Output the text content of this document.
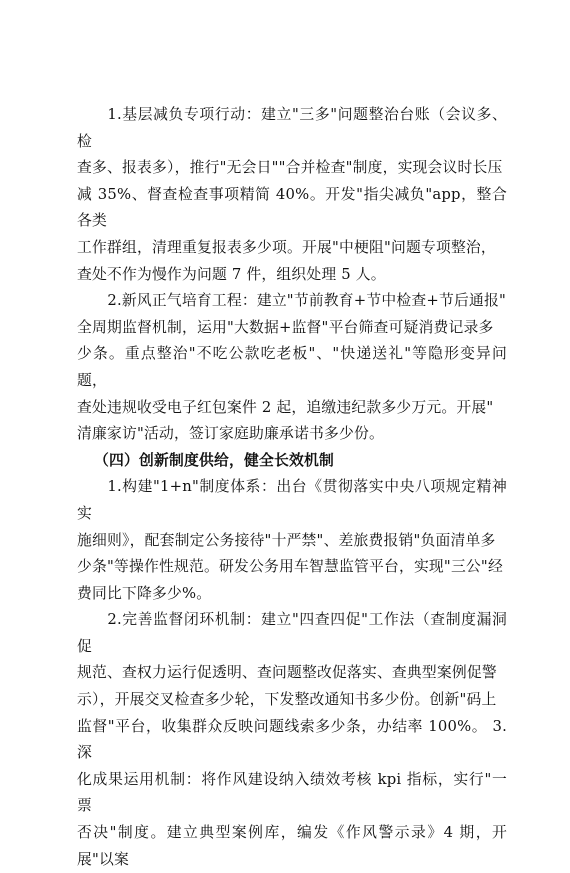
1.基层减负专项行动：建立"三多"问题整治台账（会议多、检
查多、报表多），推行"无会日""合并检查"制度，实现会议时长压
减 35%、督查检查事项精简 40%。开发"指尖减负"app，整合各类
工作群组，清理重复报表多少项。开展"中梗阻"问题专项整治，
查处不作为慢作为问题 7 件，组织处理 5 人。

2.新风正气培育工程：建立"节前教育+节中检查+节后通报"
全周期监督机制，运用"大数据+监督"平台筛查可疑消费记录多
少条。重点整治"不吃公款吃老板"、"快递送礼"等隐形变异问题，
查处违规收受电子红包案件 2 起，追缴违纪款多少万元。开展"
清廉家访"活动，签订家庭助廉承诺书多少份。

（四）创新制度供给，健全长效机制

1.构建"1+n"制度体系：出台《贯彻落实中央八项规定精神实
施细则》，配套制定公务接待"十严禁"、差旅费报销"负面清单多
少条"等操作性规范。研发公务用车智慧监管平台，实现"三公"经
费同比下降多少%。

2.完善监督闭环机制：建立"四查四促"工作法（查制度漏洞促
规范、查权力运行促透明、查问题整改促落实、查典型案例促警
示），开展交叉检查多少轮，下发整改通知书多少份。创新"码上
监督"平台，收集群众反映问题线索多少条，办结率 100%。 3.深
化成果运用机制：将作风建设纳入绩效考核 kpi 指标，实行"一票
否决"制度。建立典型案例库，编发《作风警示录》4 期，开展"以案
